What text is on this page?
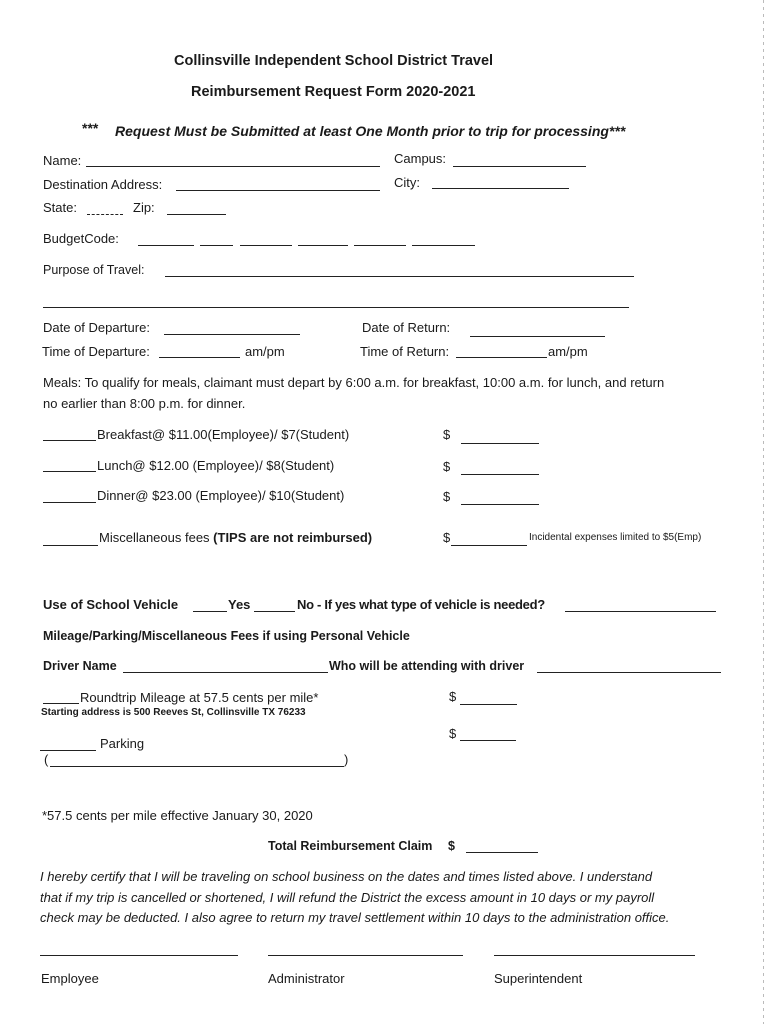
Collinsville Independent School District Travel
Reimbursement Request Form 2020-2021
*** Request Must be Submitted at least One Month prior to trip for processing***
Name:	Campus:
Destination Address:	City:
State:	Zip:
BudgetCode:
Purpose of Travel:
Date of Departure:	Date of Return:
Time of Departure:	am/pm	Time of Return:	am/pm
Meals: To qualify for meals, claimant must depart by 6:00 a.m. for breakfast, 10:00 a.m. for lunch, and return
no earlier than 8:00 p.m. for dinner.
Breakfast@ $11.00(Employee)/ $7(Student)	$
Lunch@ $12.00 (Employee)/ $8(Student)	$
Dinner@ $23.00 (Employee)/ $10(Student)	$
Miscellaneous fees (TIPS are not reimbursed)	$	Incidental expenses limited to $5(Emp)
Use of School Vehicle	Yes	No - If yes what type of vehicle is needed?
Mileage/Parking/Miscellaneous Fees if using Personal Vehicle
Driver Name	Who will be attending with driver
Roundtrip Mileage at 57.5 cents per mile*
Starting address is 500 Reeves St, Collinsville TX 76233
$
Parking
$
(	)
*57.5 cents per mile effective January 30, 2020
Total Reimbursement Claim $
I hereby certify that I will be traveling on school business on the dates and times listed above. I understand
that if my trip is cancelled or shortened, I will refund the District the excess amount in 10 days or my payroll
check may be deducted. I also agree to return my travel settlement within 10 days to the administration office.
Employee	Administrator	Superintendent
